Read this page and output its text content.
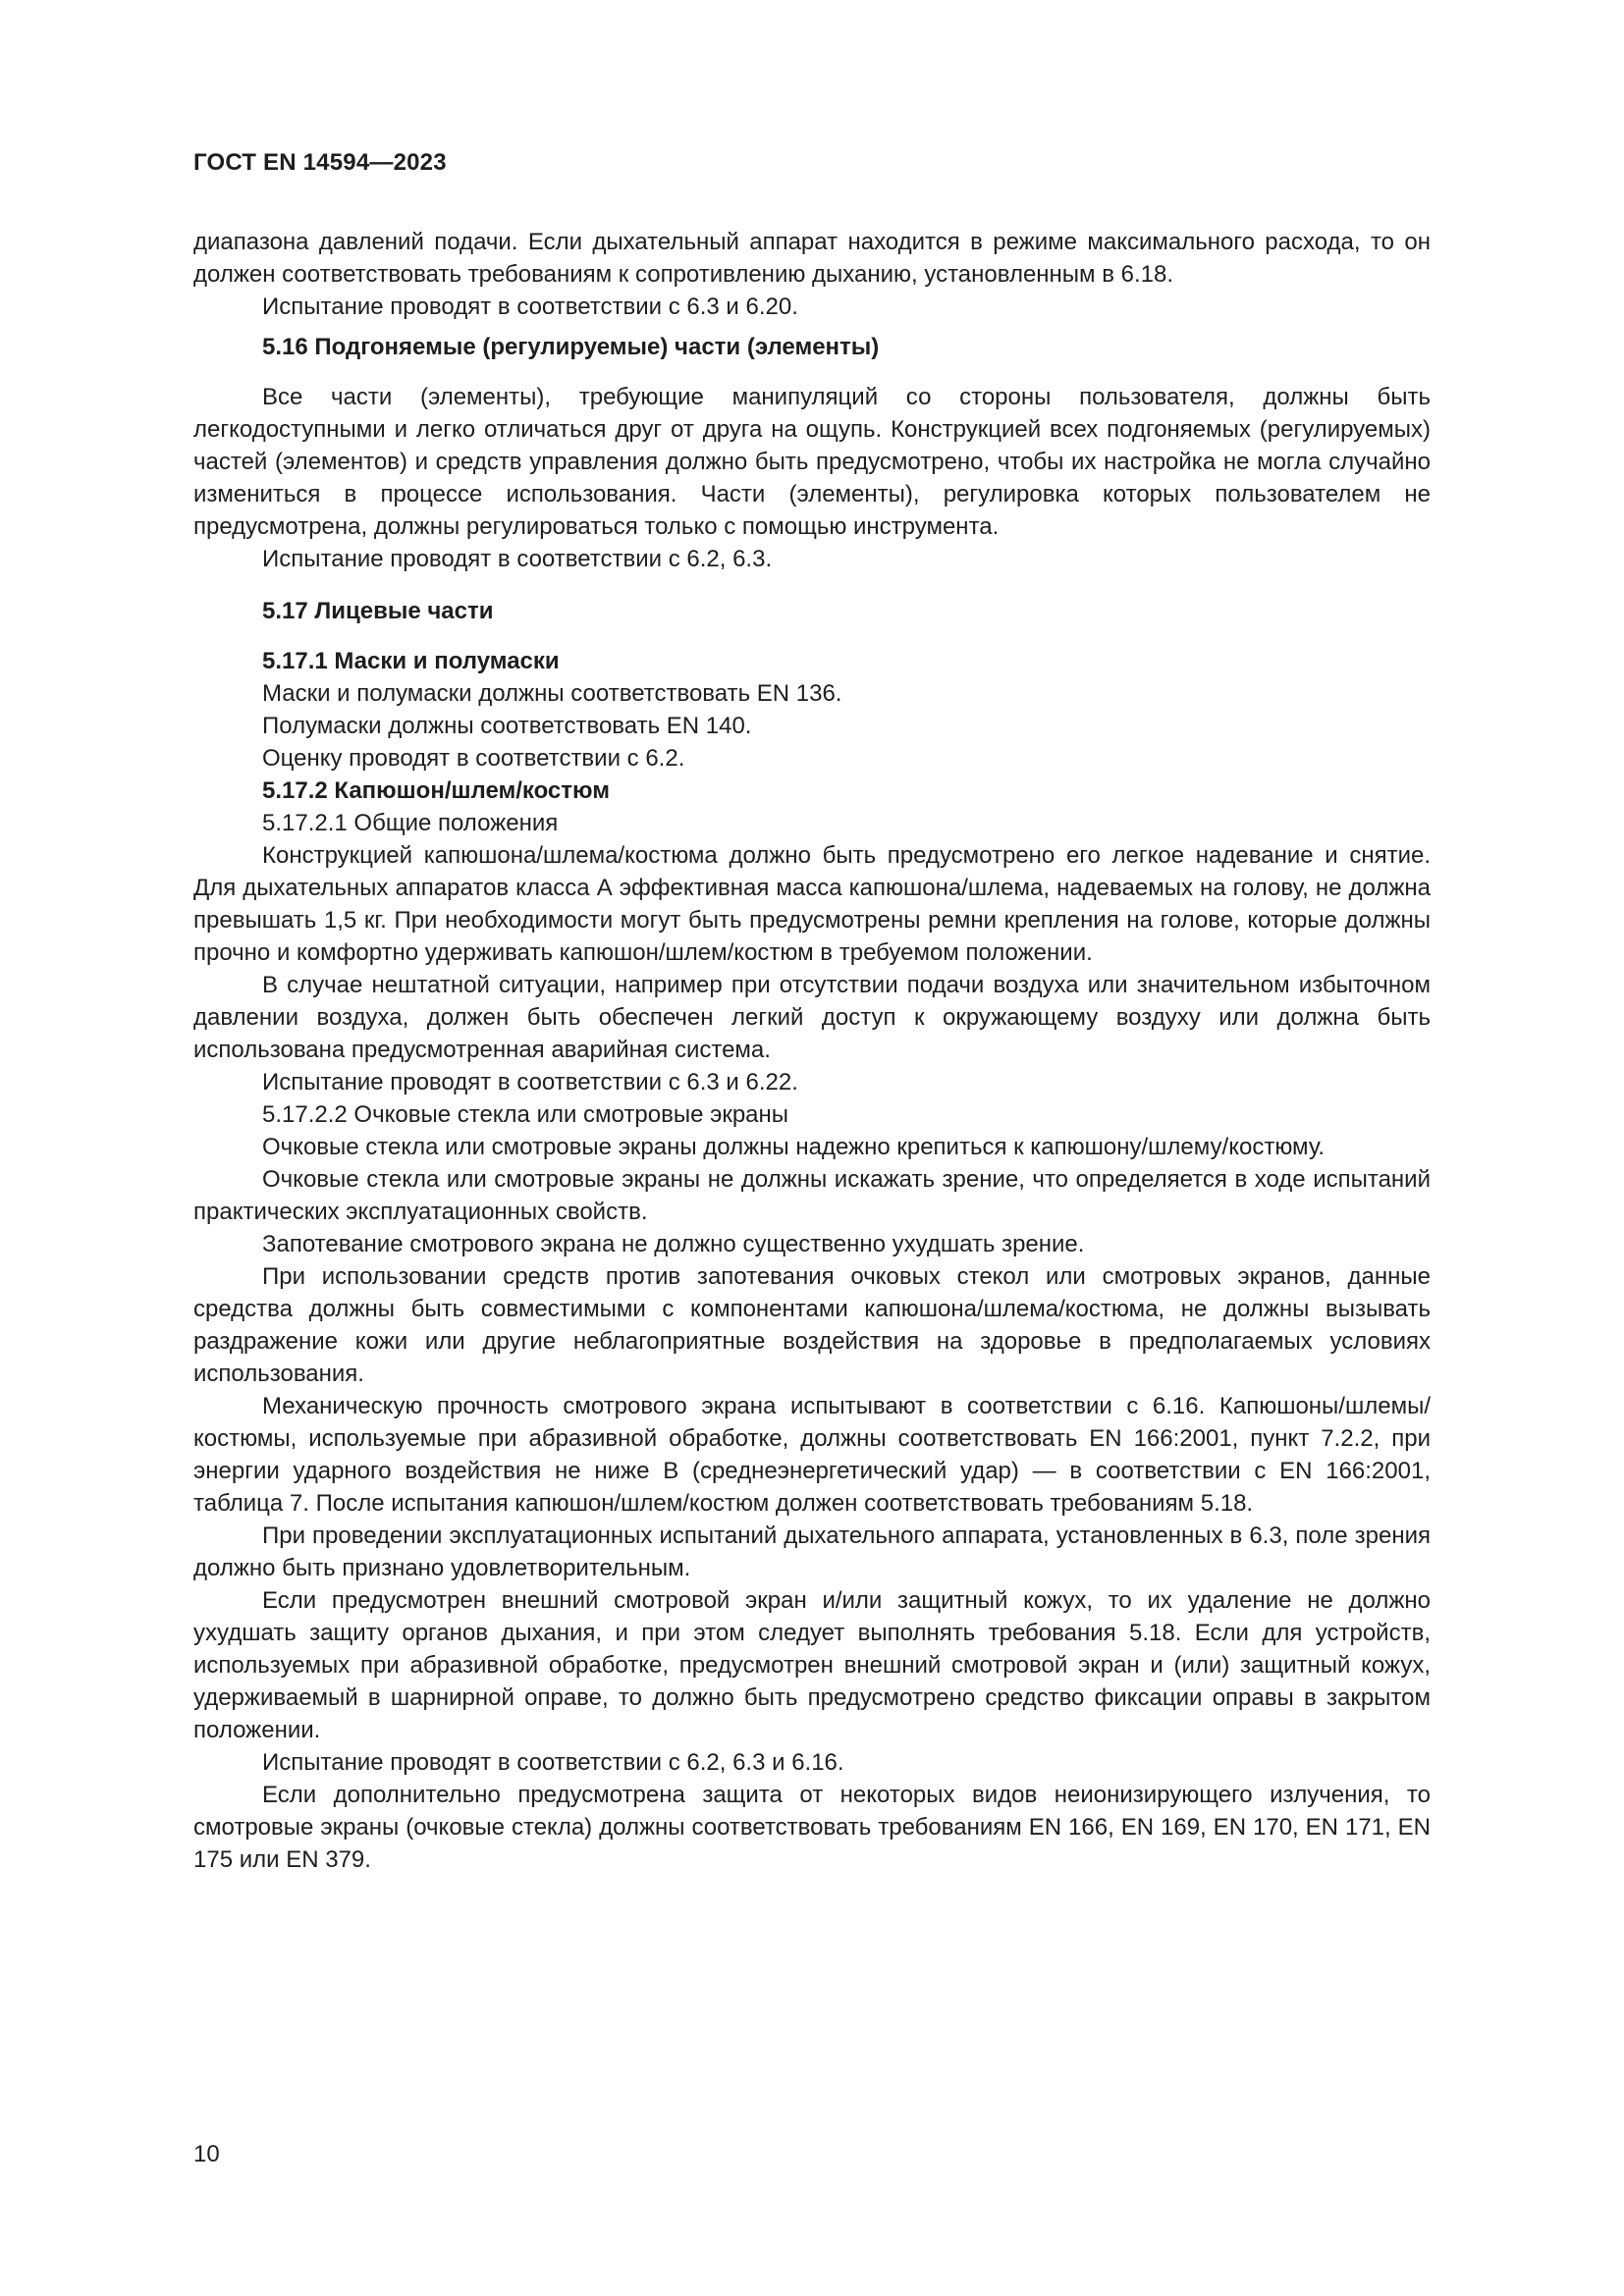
ГОСТ EN 14594—2023

диапазона давлений подачи. Если дыхательный аппарат находится в режиме максимального расхода, то он должен соответствовать требованиям к сопротивлению дыханию, установленным в 6.18.

Испытание проводят в соответствии с 6.3 и 6.20.

5.16 Подгоняемые (регулируемые) части (элементы)

Все части (элементы), требующие манипуляций со стороны пользователя, должны быть легкодоступными и легко отличаться друг от друга на ощупь. Конструкцией всех подгоняемых (регулируемых) частей (элементов) и средств управления должно быть предусмотрено, чтобы их настройка не могла случайно измениться в процессе использования. Части (элементы), регулировка которых пользователем не предусмотрена, должны регулироваться только с помощью инструмента.

Испытание проводят в соответствии с 6.2, 6.3.

5.17 Лицевые части

5.17.1 Маски и полумаски

Маски и полумаски должны соответствовать EN 136.

Полумаски должны соответствовать EN 140.

Оценку проводят в соответствии с 6.2.

5.17.2 Капюшон/шлем/костюм

5.17.2.1 Общие положения

Конструкцией капюшона/шлема/костюма должно быть предусмотрено его легкое надевание и снятие. Для дыхательных аппаратов класса А эффективная масса капюшона/шлема, надеваемых на голову, не должна превышать 1,5 кг. При необходимости могут быть предусмотрены ремни крепления на голове, которые должны прочно и комфортно удерживать капюшон/шлем/костюм в требуемом положении.

В случае нештатной ситуации, например при отсутствии подачи воздуха или значительном избыточном давлении воздуха, должен быть обеспечен легкий доступ к окружающему воздуху или должна быть использована предусмотренная аварийная система.

Испытание проводят в соответствии с 6.3 и 6.22.

5.17.2.2 Очковые стекла или смотровые экраны

Очковые стекла или смотровые экраны должны надежно крепиться к капюшону/шлему/костюму.

Очковые стекла или смотровые экраны не должны искажать зрение, что определяется в ходе испытаний практических эксплуатационных свойств.

Запотевание смотрового экрана не должно существенно ухудшать зрение.

При использовании средств против запотевания очковых стекол или смотровых экранов, данные средства должны быть совместимыми с компонентами капюшона/шлема/костюма, не должны вызывать раздражение кожи или другие неблагоприятные воздействия на здоровье в предполагаемых условиях использования.

Механическую прочность смотрового экрана испытывают в соответствии с 6.16. Капюшоны/шлемы/костюмы, используемые при абразивной обработке, должны соответствовать EN 166:2001, пункт 7.2.2, при энергии ударного воздействия не ниже В (среднеэнергетический удар) — в соответствии с EN 166:2001, таблица 7. После испытания капюшон/шлем/костюм должен соответствовать требованиям 5.18.

При проведении эксплуатационных испытаний дыхательного аппарата, установленных в 6.3, поле зрения должно быть признано удовлетворительным.

Если предусмотрен внешний смотровой экран и/или защитный кожух, то их удаление не должно ухудшать защиту органов дыхания, и при этом следует выполнять требования 5.18. Если для устройств, используемых при абразивной обработке, предусмотрен внешний смотровой экран и (или) защитный кожух, удерживаемый в шарнирной оправе, то должно быть предусмотрено средство фиксации оправы в закрытом положении.

Испытание проводят в соответствии с 6.2, 6.3 и 6.16.

Если дополнительно предусмотрена защита от некоторых видов неионизирующего излучения, то смотровые экраны (очковые стекла) должны соответствовать требованиям EN 166, EN 169, EN 170, EN 171, EN 175 или EN 379.

10
